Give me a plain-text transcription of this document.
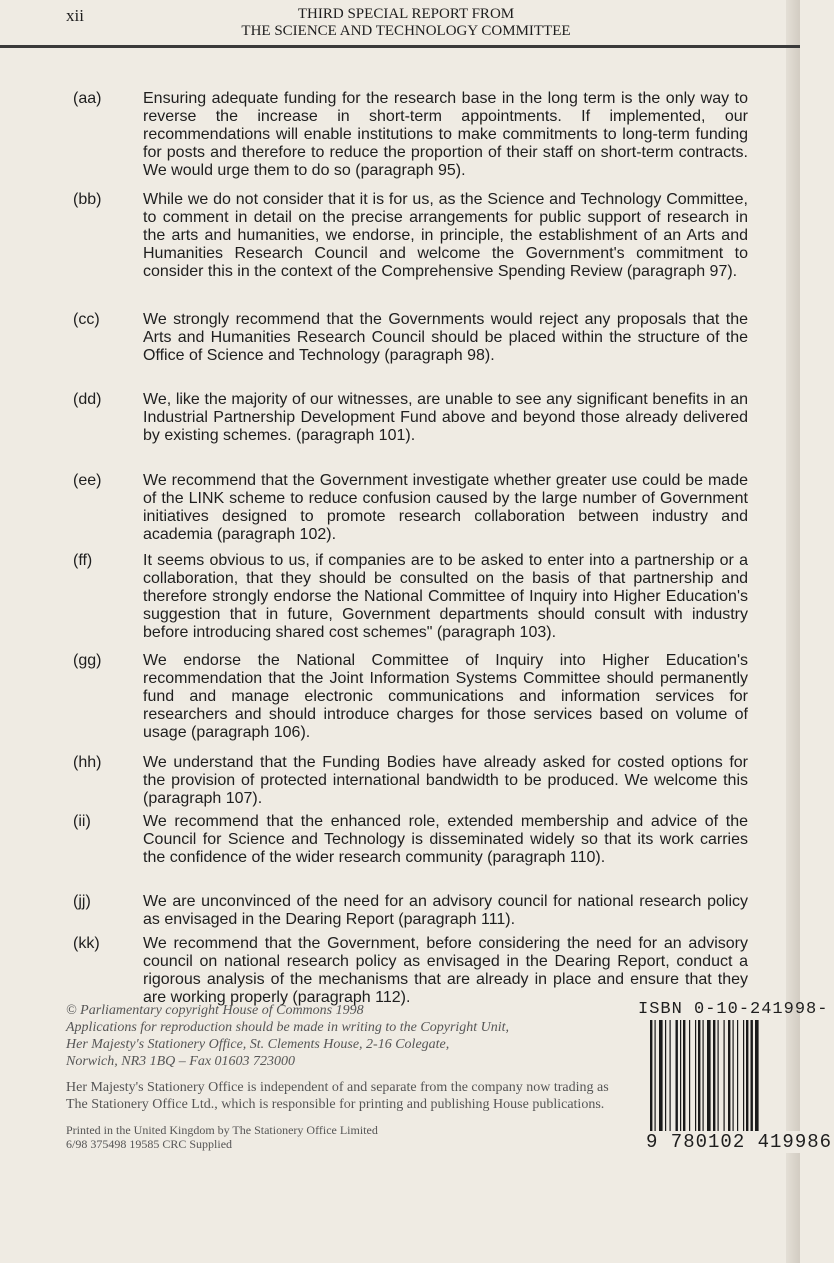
xii	THIRD SPECIAL REPORT FROM
THE SCIENCE AND TECHNOLOGY COMMITTEE
(aa)	Ensuring adequate funding for the research base in the long term is the only way to reverse the increase in short-term appointments. If implemented, our recommendations will enable institutions to make commitments to long-term funding for posts and therefore to reduce the proportion of their staff on short-term contracts. We would urge them to do so (paragraph 95).
(bb)	While we do not consider that it is for us, as the Science and Technology Committee, to comment in detail on the precise arrangements for public support of research in the arts and humanities, we endorse, in principle, the establishment of an Arts and Humanities Research Council and welcome the Government's commitment to consider this in the context of the Comprehensive Spending Review (paragraph 97).
(cc)	We strongly recommend that the Governments would reject any proposals that the Arts and Humanities Research Council should be placed within the structure of the Office of Science and Technology (paragraph 98).
(dd)	We, like the majority of our witnesses, are unable to see any significant benefits in an Industrial Partnership Development Fund above and beyond those already delivered by existing schemes. (paragraph 101).
(ee)	We recommend that the Government investigate whether greater use could be made of the LINK scheme to reduce confusion caused by the large number of Government initiatives designed to promote research collaboration between industry and academia (paragraph 102).
(ff)	It seems obvious to us, if companies are to be asked to enter into a partnership or a collaboration, that they should be consulted on the basis of that partnership and therefore strongly endorse the National Committee of Inquiry into Higher Education's suggestion that in future, Government departments should consult with industry before introducing shared cost schemes" (paragraph 103).
(gg)	We endorse the National Committee of Inquiry into Higher Education's recommendation that the Joint Information Systems Committee should permanently fund and manage electronic communications and information services for researchers and should introduce charges for those services based on volume of usage (paragraph 106).
(hh)	We understand that the Funding Bodies have already asked for costed options for the provision of protected international bandwidth to be produced. We welcome this (paragraph 107).
(ii)	We recommend that the enhanced role, extended membership and advice of the Council for Science and Technology is disseminated widely so that its work carries the confidence of the wider research community (paragraph 110).
(jj)	We are unconvinced of the need for an advisory council for national research policy as envisaged in the Dearing Report (paragraph 111).
(kk)	We recommend that the Government, before considering the need for an advisory council on national research policy as envisaged in the Dearing Report, conduct a rigorous analysis of the mechanisms that are already in place and ensure that they are working properly (paragraph 112).
© Parliamentary copyright House of Commons 1998
Applications for reproduction should be made in writing to the Copyright Unit,
Her Majesty's Stationery Office, St. Clements House, 2-16 Colegate,
Norwich, NR3 1BQ – Fax 01603 723000
Her Majesty's Stationery Office is independent of and separate from the company now trading as
The Stationery Office Ltd., which is responsible for printing and publishing House publications.
Printed in the United Kingdom by The Stationery Office Limited
6/98 375498 19585 CRC Supplied
ISBN 0-10-241998-
9 780102 419986
